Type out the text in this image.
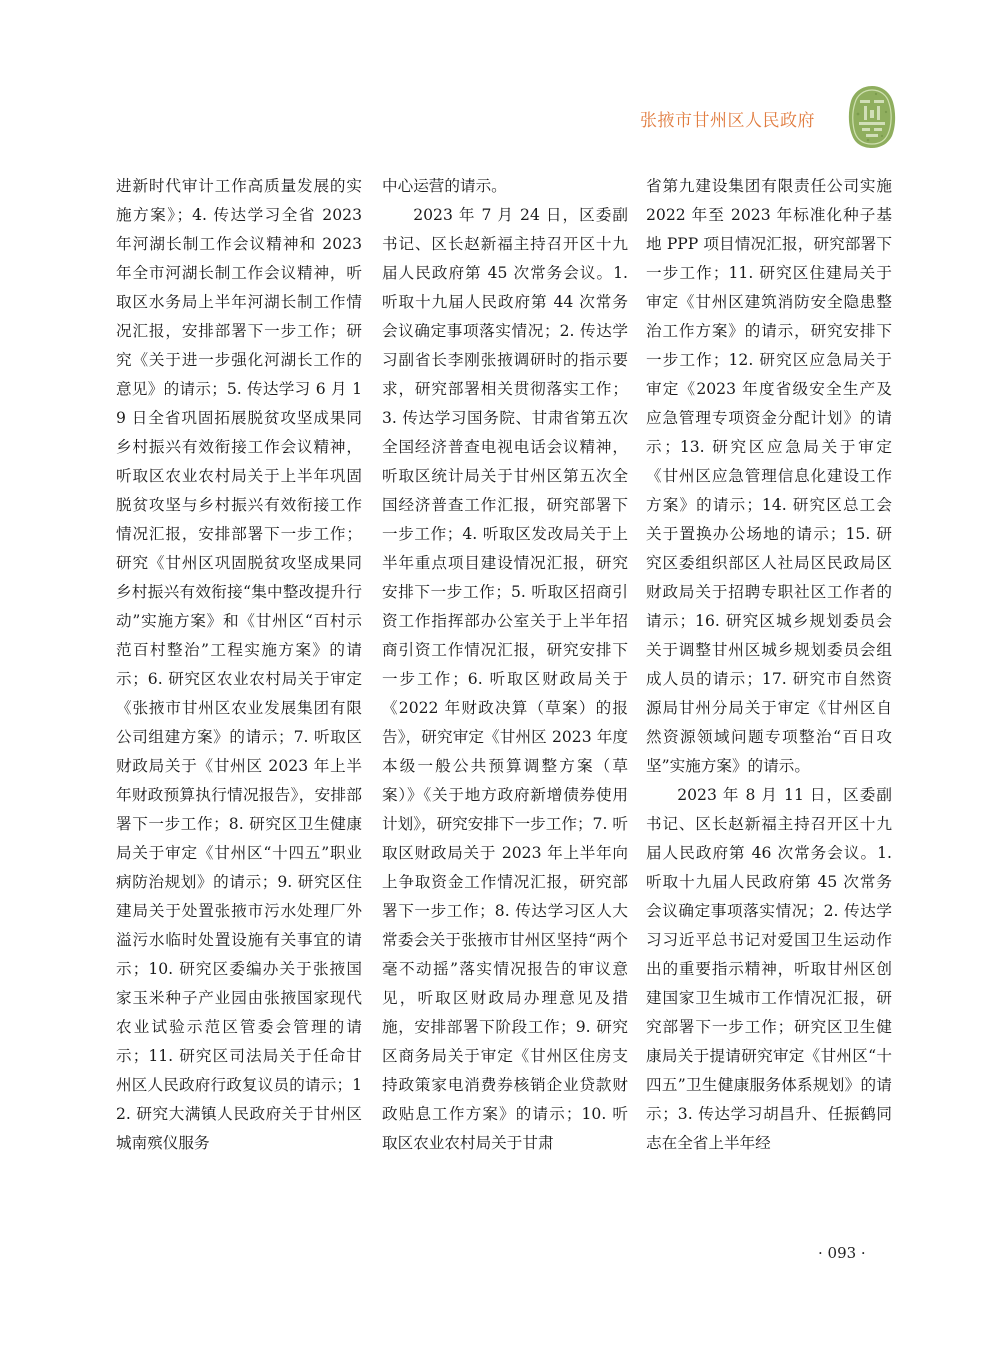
张掖市甘州区人民政府

进新时代审计工作高质量发展的实施方案》；4. 传达学习全省 2023 年河湖长制工作会议精神和 2023 年全市河湖长制工作会议精神，听取区水务局上半年河湖长制工作情况汇报，安排部署下一步工作；研究《关于进一步强化河湖长工作的意见》的请示；5. 传达学习 6 月 19 日全省巩固拓展脱贫攻坚成果同乡村振兴有效衔接工作会议精神，听取区农业农村局关于上半年巩固脱贫攻坚与乡村振兴有效衔接工作情况汇报，安排部署下一步工作；研究《甘州区巩固脱贫攻坚成果同乡村振兴有效衔接“集中整改提升行动”实施方案》和《甘州区“百村示范百村整治”工程实施方案》的请示；6. 研究区农业农村局关于审定《张掖市甘州区农业发展集团有限公司组建方案》的请示；7. 听取区财政局关于《甘州区 2023 年上半年财政预算执行情况报告》，安排部署下一步工作；8. 研究区卫生健康局关于审定《甘州区“十四五”职业病防治规划》的请示；9. 研究区住建局关于处置张掖市污水处理厂外溢污水临时处置设施有关事宜的请示；10. 研究区委编办关于张掖国家玉米种子产业园由张掖国家现代农业试验示范区管委会管理的请示；11. 研究区司法局关于任命甘州区人民政府行政复议员的请示；12. 研究大满镇人民政府关于甘州区城南殡仪服务

中心运营的请示。

2023 年 7 月 24 日，区委副书记、区长赵新福主持召开区十九届人民政府第 45 次常务会议。1. 听取十九届人民政府第 44 次常务会议确定事项落实情况；2. 传达学习副省长李刚张掖调研时的指示要求，研究部署相关贯彻落实工作；3. 传达学习国务院、甘肃省第五次全国经济普查电视电话会议精神，听取区统计局关于甘州区第五次全国经济普查工作汇报，研究部署下一步工作；4. 听取区发改局关于上半年重点项目建设情况汇报，研究安排下一步工作；5. 听取区招商引资工作指挥部办公室关于上半年招商引资工作情况汇报，研究安排下一步工作；6. 听取区财政局关于《2022 年财政决算（草案）的报告》，研究审定《甘州区 2023 年度本级一般公共预算调整方案（草案）》《关于地方政府新增债券使用计划》，研究安排下一步工作；7. 听取区财政局关于 2023 年上半年向上争取资金工作情况汇报，研究部署下一步工作；8. 传达学习区人大常委会关于张掖市甘州区坚持“两个毫不动摇”落实情况报告的审议意见，听取区财政局办理意见及措施，安排部署下阶段工作；9. 研究区商务局关于审定《甘州区住房支持政策家电消费券核销企业贷款财政贴息工作方案》的请示；10. 听取区农业农村局关于甘肃

省第九建设集团有限责任公司实施 2022 年至 2023 年标准化种子基地 PPP 项目情况汇报，研究部署下一步工作；11. 研究区住建局关于审定《甘州区建筑消防安全隐患整治工作方案》的请示，研究安排下一步工作；12. 研究区应急局关于审定《2023 年度省级安全生产及应急管理专项资金分配计划》的请示；13. 研究区应急局关于审定《甘州区应急管理信息化建设工作方案》的请示；14. 研究区总工会关于置换办公场地的请示；15. 研究区委组织部区人社局区民政局区财政局关于招聘专职社区工作者的请示；16. 研究区城乡规划委员会关于调整甘州区城乡规划委员会组成人员的请示；17. 研究市自然资源局甘州分局关于审定《甘州区自然资源领域问题专项整治“百日攻坚”实施方案》的请示。

2023 年 8 月 11 日，区委副书记、区长赵新福主持召开区十九届人民政府第 46 次常务会议。1. 听取十九届人民政府第 45 次常务会议确定事项落实情况；2. 传达学习习近平总书记对爱国卫生运动作出的重要指示精神，听取甘州区创建国家卫生城市工作情况汇报，研究部署下一步工作；研究区卫生健康局关于提请研究审定《甘州区“十四五”卫生健康服务体系规划》的请示；3. 传达学习胡昌升、任振鹤同志在全省上半年经

· 093 ·
